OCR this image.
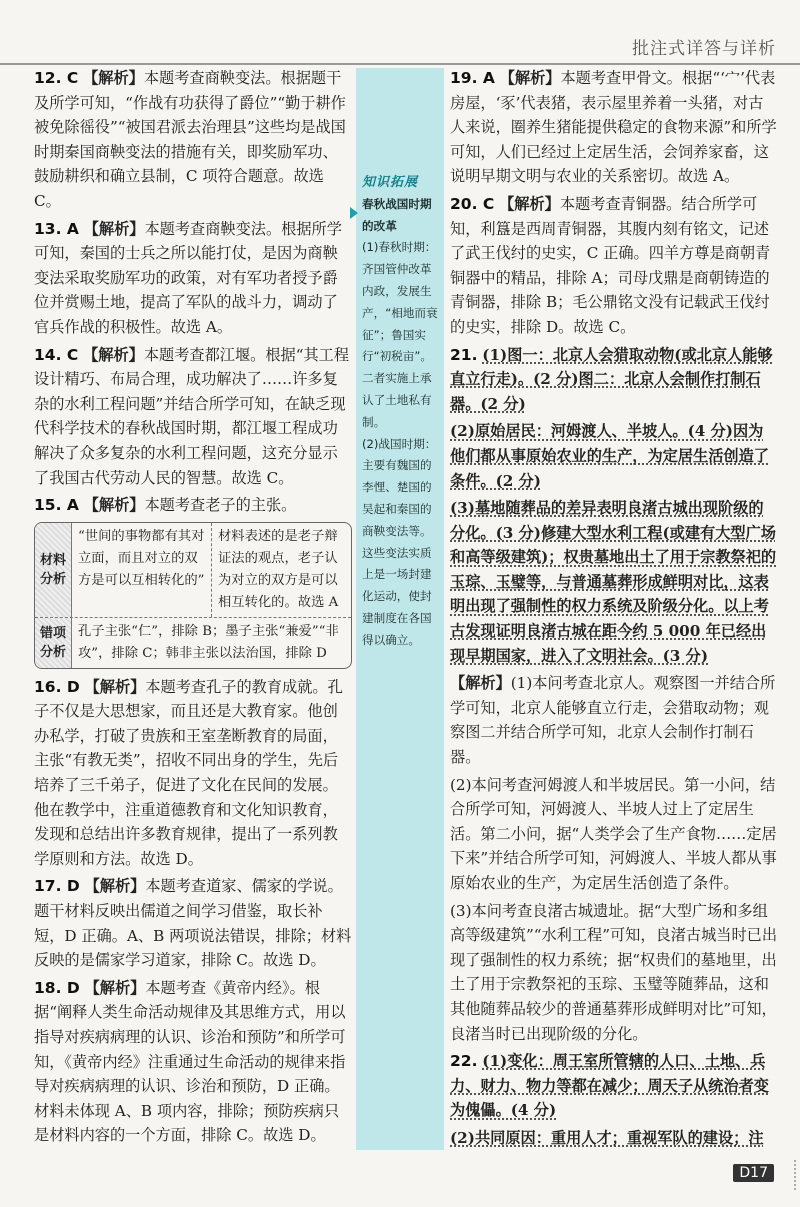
批注式详答与详析

12. C 【解析】本题考查商鞅变法。根据题干及所学可知，“作战有功获得了爵位”“勤于耕作被免除徭役”“被国君派去治理县”这些均是战国时期秦国商鞅变法的措施有关，即奖励军功、鼓励耕织和确立县制，C 项符合题意。故选 C。

13. A 【解析】本题考查商鞅变法。根据所学可知，秦国的士兵之所以能打仗，是因为商鞅变法采取奖励军功的政策，对有军功者授予爵位并赏赐土地，提高了军队的战斗力，调动了官兵作战的积极性。故选 A。

14. C 【解析】本题考查都江堰。根据“其工程设计精巧、布局合理，成功解决了……许多复杂的水利工程问题”并结合所学可知，在缺乏现代科学技术的春秋战国时期，都江堰工程成功解决了众多复杂的水利工程问题，这充分显示了我国古代劳动人民的智慧。故选 C。

15. A 【解析】本题考查老子的主张。

材料分析
“世间的事物都有其对立面，而且对立的双方是可以互相转化的”
材料表述的是老子辩证法的观点，老子认为对立的双方是可以相互转化的。故选 A
错项分析
孔子主张“仁”，排除 B；墨子主张“兼爱”“非攻”，排除 C；韩非主张以法治国，排除 D

16. D 【解析】本题考查孔子的教育成就。孔子不仅是大思想家，而且还是大教育家。他创办私学，打破了贵族和王室垄断教育的局面，主张“有教无类”，招收不同出身的学生，先后培养了三千弟子，促进了文化在民间的发展。他在教学中，注重道德教育和文化知识教育，发现和总结出许多教育规律，提出了一系列教学原则和方法。故选 D。

17. D 【解析】本题考查道家、儒家的学说。题干材料反映出儒道之间学习借鉴，取长补短，D 正确。A、B 两项说法错误，排除；材料反映的是儒家学习道家，排除 C。故选 D。

18. D 【解析】本题考查《黄帝内经》。根据“阐释人类生命活动规律及其思维方式，用以指导对疾病病理的认识、诊治和预防”和所学可知，《黄帝内经》注重通过生命活动的规律来指导对疾病病理的认识、诊治和预防，D 正确。材料未体现 A、B 项内容，排除；预防疾病只是材料内容的一个方面，排除 C。故选 D。

知识拓展
春秋战国时期的改革
(1)春秋时期：齐国管仲改革内政，发展生产，“相地而衰征”；鲁国实行“初税亩”。二者实施上承认了土地私有制。
(2)战国时期：主要有魏国的李悝、楚国的吴起和秦国的商鞅变法等。这些变法实质上是一场封建化运动，使封建制度在各国得以确立。

19. A 【解析】本题考查甲骨文。根据“‘宀’代表房屋，‘豕’代表猪，表示屋里养着一头猪，对古人来说，圈养生猪能提供稳定的食物来源”和所学可知，人们已经过上定居生活，会饲养家畜，这说明早期文明与农业的关系密切。故选 A。

20. C 【解析】本题考查青铜器。结合所学可知，利簋是西周青铜器，其腹内刻有铭文，记述了武王伐纣的史实，C 正确。四羊方尊是商朝青铜器中的精品，排除 A；司母戊鼎是商朝铸造的青铜器，排除 B；毛公鼎铭文没有记载武王伐纣的史实，排除 D。故选 C。

21. (1)图一：北京人会猎取动物(或北京人能够直立行走)。(2 分)图二：北京人会制作打制石器。(2 分)

(2)原始居民：河姆渡人、半坡人。(4 分)因为他们都从事原始农业的生产，为定居生活创造了条件。(2 分)

(3)墓地随葬品的差异表明良渚古城出现阶级的分化。(3 分)修建大型水利工程(或建有大型广场和高等级建筑)；权贵墓地出土了用于宗教祭祀的玉琮、玉璧等，与普通墓葬形成鲜明对比，这表明出现了强制性的权力系统及阶级分化。以上考古发现证明良渚古城在距今约 5 000 年已经出现早期国家，进入了文明社会。(3 分)

【解析】(1)本问考查北京人。观察图一并结合所学可知，北京人能够直立行走，会猎取动物；观察图二并结合所学可知，北京人会制作打制石器。

(2)本问考查河姆渡人和半坡居民。第一小问，结合所学可知，河姆渡人、半坡人过上了定居生活。第二小问，据“人类学会了生产食物……定居下来”并结合所学可知，河姆渡人、半坡人都从事原始农业的生产，为定居生活创造了条件。

(3)本问考查良渚古城遗址。据“大型广场和多组高等级建筑”“水利工程”可知，良渚古城当时已出现了强制性的权力系统；据“权贵们的墓地里，出土了用于宗教祭祀的玉琮、玉璧等随葬品，这和其他随葬品较少的普通墓葬形成鲜明对比”可知，良渚当时已出现阶级的分化。

22. (1)变化：周王室所管辖的人口、土地、兵力、财力、物力等都在减少；周天子从统治者变为傀儡。(4 分)

(2)共同原因：重用人才；重视军队的建设；注

D17
